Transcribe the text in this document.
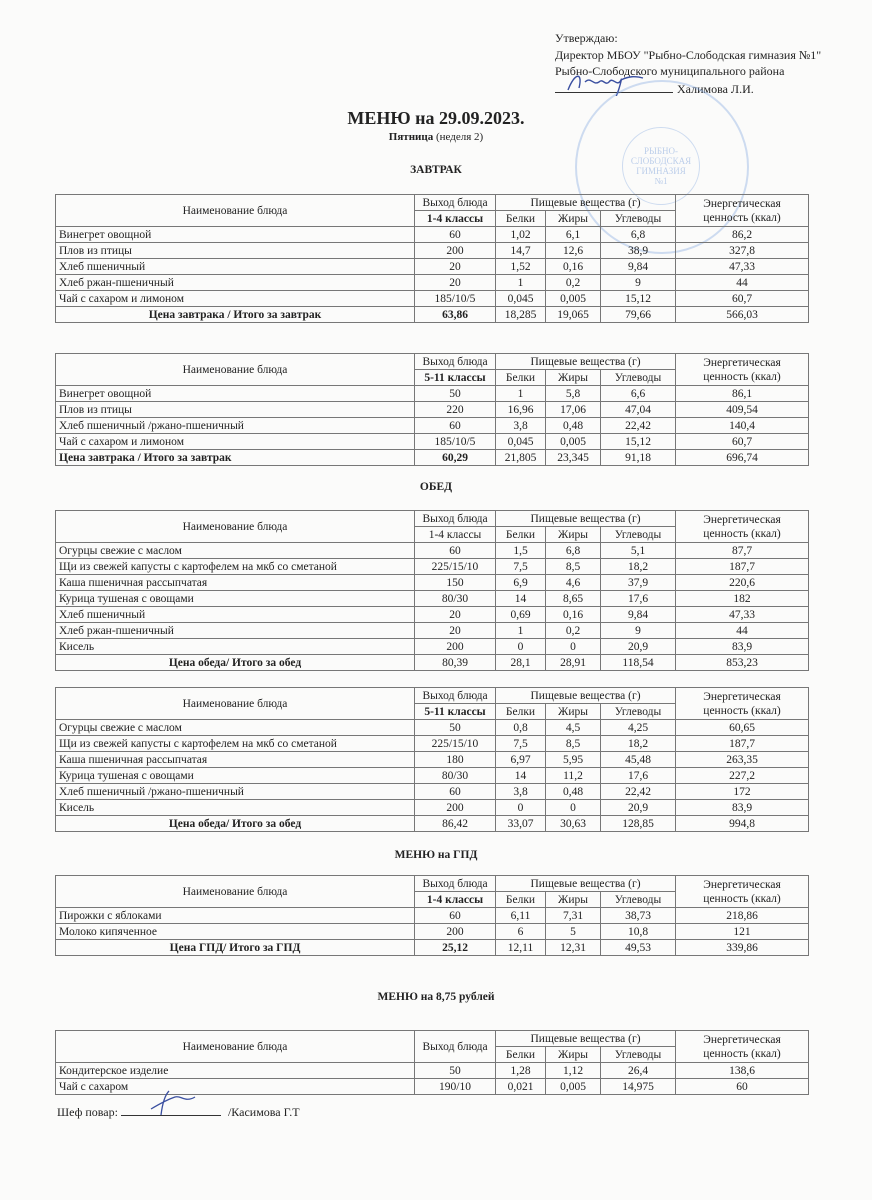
Утверждаю:
Директор МБОУ "Рыбно-Слободская гимназия №1"
Рыбно-Слободского муниципального района
Халимова Л.И.
РЫБНО-
СЛОБОДСКАЯ
ГИМНАЗИЯ
№1
МЕНЮ на 29.09.2023.
Пятница (неделя 2)
ЗАВТРАК
ОБЕД
МЕНЮ на ГПД
МЕНЮ на 8,75 рублей
Наименование блюда	Выход блюда	Пищевые вещества (г)			Энергетическая ценность (ккал)
	1-4 классы	Белки	Жиры	Углеводы	
Винегрет овощной	60	1,02	6,1	6,8	86,2
Плов из птицы	200	14,7	12,6	38,9	327,8
Хлеб пшеничный	20	1,52	0,16	9,84	47,33
Хлеб ржан-пшеничный	20	1	0,2	9	44
Чай с сахаром и лимоном	185/10/5	0,045	0,005	15,12	60,7
Цена завтрака / Итого за завтрак	63,86	18,285	19,065	79,66	566,03
Наименование блюда	Выход блюда	Пищевые вещества (г)			Энергетическая ценность (ккал)
	5-11 классы	Белки	Жиры	Углеводы	
Винегрет овощной	50	1	5,8	6,6	86,1
Плов из птицы	220	16,96	17,06	47,04	409,54
Хлеб пшеничный /ржано-пшеничный	60	3,8	0,48	22,42	140,4
Чай с сахаром и лимоном	185/10/5	0,045	0,005	15,12	60,7
Цена завтрака / Итого за завтрак	60,29	21,805	23,345	91,18	696,74
Наименование блюда	Выход блюда	Пищевые вещества (г)			Энергетическая ценность (ккал)
	1-4 классы	Белки	Жиры	Углеводы	
Огурцы свежие с маслом	60	1,5	6,8	5,1	87,7
Щи из свежей капусты с картофелем на мкб со сметаной	225/15/10	7,5	8,5	18,2	187,7
Каша пшеничная рассыпчатая	150	6,9	4,6	37,9	220,6
Курица тушеная с овощами	80/30	14	8,65	17,6	182
Хлеб пшеничный	20	0,69	0,16	9,84	47,33
Хлеб ржан-пшеничный	20	1	0,2	9	44
Кисель	200	0	0	20,9	83,9
Цена обеда/ Итого за обед	80,39	28,1	28,91	118,54	853,23
Наименование блюда	Выход блюда	Пищевые вещества (г)			Энергетическая ценность (ккал)
	5-11 классы	Белки	Жиры	Углеводы	
Огурцы свежие с маслом	50	0,8	4,5	4,25	60,65
Щи из свежей капусты с картофелем на мкб со сметаной	225/15/10	7,5	8,5	18,2	187,7
Каша пшеничная рассыпчатая	180	6,97	5,95	45,48	263,35
Курица тушеная с овощами	80/30	14	11,2	17,6	227,2
Хлеб пшеничный /ржано-пшеничный	60	3,8	0,48	22,42	172
Кисель	200	0	0	20,9	83,9
Цена обеда/ Итого за обед	86,42	33,07	30,63	128,85	994,8
Наименование блюда	Выход блюда	Пищевые вещества (г)			Энергетическая ценность (ккал)
	1-4 классы	Белки	Жиры	Углеводы	
Пирожки с яблоками	60	6,11	7,31	38,73	218,86
Молоко кипяченное	200	6	5	10,8	121
Цена ГПД/ Итого за ГПД	25,12	12,11	12,31	49,53	339,86
Наименование блюда	Выход блюда	Пищевые вещества (г)			Энергетическая ценность (ккал)
		Белки	Жиры	Углеводы	
Кондитерское изделие	50	1,28	1,12	26,4	138,6
Чай с сахаром	190/10	0,021	0,005	14,975	60
Шеф повар:	/Касимова Г.Т
